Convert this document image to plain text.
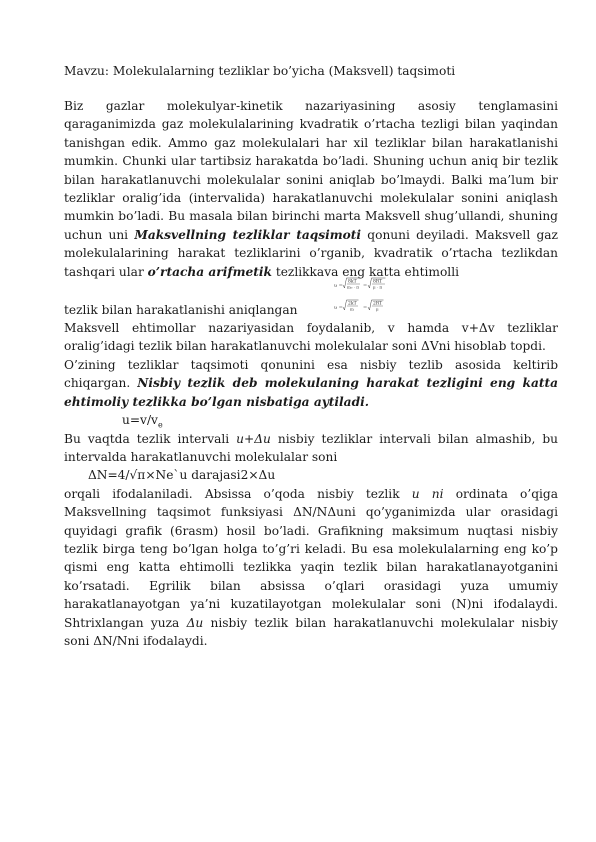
Mavzu: Molekulalarning tezliklar bo’yicha (Maksvell) taqsimoti

Biz gazlar molekulyar-kinetik nazariyasining asosiy tenglamasini qaraganimizda gaz molekulalarining kvadratik o’rtacha tezligi bilan yaqindan tanishgan edik. Ammo gaz molekulalari har xil tezliklar bilan harakatlanishi mumkin. Chunki ular tartibsiz harakatda bo’ladi. Shuning uchun aniq bir tezlik bilan harakatlanuvchi molekulalar sonini aniqlab bo’lmaydi. Balki ma’lum bir tezliklar oralig’ida (intervalida) harakatlanuvchi molekulalar sonini aniqlash mumkin bo’ladi. Bu masala bilan birinchi marta Maksvell shug’ullandi, shuning uchun uni Maksvellning tezliklar taqsimoti qonuni deyiladi. Maksvell gaz molekulalarining harakat tezliklarini o’rganib, kvadratik o’rtacha tezlikdan tashqari ular o’rtacha arifmetik tezlikkava eng katta ehtimolli

tezlik bilan harakatlanishi aniqlangan
υ =
8kT
m₀ · π =
8RT
μ · π
υ =
2kT
m =
2RT
μ

Maksvell ehtimollar nazariyasidan foydalanib, v hamda v+Δv tezliklar oralig’idagi tezlik bilan harakatlanuvchi molekulalar soni ΔVni hisoblab topdi.

O’zining tezliklar taqsimoti qonunini esa nisbiy tezlib asosida keltirib chiqargan. Nisbiy tezlik deb molekulaning harakat tezligini eng katta ehtimoliy tezlikka bo’lgan nisbatiga aytiladi.

$u=v/v_e$

Bu vaqtda tezlik intervali u+Δu nisbiy tezliklar intervali bilan almashib, bu intervalda harakatlanuvchi molekulalar soni

ΔN=4/√π×Ne`u darajasi2×Δu

orqali ifodalaniladi. Absissa o’qoda nisbiy tezlik u ni ordinata o’qiga Maksvellning taqsimot funksiyasi ΔN/NΔuni qo’yganimizda ular orasidagi quyidagi grafik (6rasm) hosil bo’ladi. Grafikning maksimum nuqtasi nisbiy tezlik birga teng bo’lgan holga to’g’ri keladi. Bu esa molekulalarning eng ko’p qismi eng katta ehtimolli tezlikka yaqin tezlik bilan harakatlanayotganini ko’rsatadi. Egrilik bilan absissa o’qlari orasidagi yuza umumiy harakatlanayotgan ya’ni kuzatilayotgan molekulalar soni (N)ni ifodalaydi. Shtrixlangan yuza Δu nisbiy tezlik bilan harakatlanuvchi molekulalar nisbiy soni ΔN/Nni ifodalaydi.
